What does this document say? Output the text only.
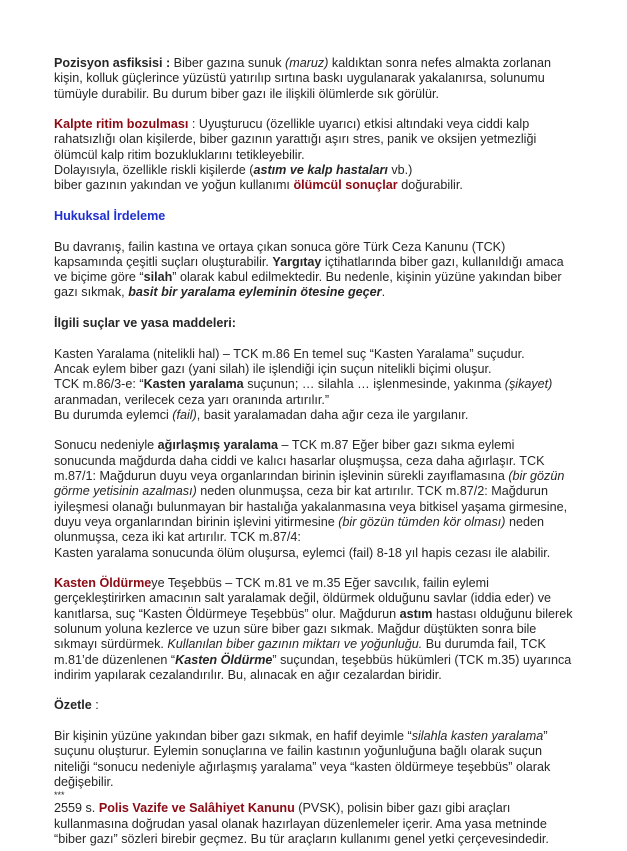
Pozisyon asfiksisi : Biber gazına sunuk (maruz) kaldıktan sonra nefes almakta zorlanan kişin, kolluk güçlerince yüzüstü yatırılıp sırtına baskı uygulanarak yakalanırsa, solunumu tümüyle durabilir. Bu durum biber gazı ile ilişkili ölümlerde sık görülür.

Kalpte ritim bozulması : Uyuşturucu (özellikle uyarıcı) etkisi altındaki veya ciddi kalp rahatsızlığı olan kişilerde, biber gazının yarattığı aşırı stres, panik ve oksijen yetmezliği ölümcül kalp ritim bozukluklarını tetikleyebilir.
Dolayısıyla, özellikle riskli kişilerde (astım ve kalp hastaları vb.)
biber gazının yakından ve yoğun kullanımı ölümcül sonuçlar doğurabilir.

Hukuksal İrdeleme

Bu davranış, failin kastına ve ortaya çıkan sonuca göre Türk Ceza Kanunu (TCK) kapsamında çeşitli suçları oluşturabilir. Yargıtay içtihatlarında biber gazı, kullanıldığı amaca ve biçime göre “silah” olarak kabul edilmektedir. Bu nedenle, kişinin yüzüne yakından biber gazı sıkmak, basit bir yaralama eyleminin ötesine geçer.

İlgili suçlar ve yasa maddeleri:

Kasten Yaralama (nitelikli hal) – TCK m.86 En temel suç “Kasten Yaralama” suçudur.
Ancak eylem biber gazı (yani silah) ile işlendiği için suçun nitelikli biçimi oluşur.
TCK m.86/3-e: “Kasten yaralama suçunun; … silahla … işlenmesinde, yakınma (şikayet) aranmadan, verilecek ceza yarı oranında artırılır.”
Bu durumda eylemci (fail), basit yaralamadan daha ağır ceza ile yargılanır.

Sonucu nedeniyle ağırlaşmış yaralama – TCK m.87 Eğer biber gazı sıkma eylemi sonucunda mağdurda daha ciddi ve kalıcı hasarlar oluşmuşsa, ceza daha ağırlaşır. TCK m.87/1: Mağdurun duyu veya organlarından birinin işlevinin sürekli zayıflamasına (bir gözün görme yetisinin azalması) neden olunmuşsa, ceza bir kat artırılır. TCK m.87/2: Mağdurun iyileşmesi olanağı bulunmayan bir hastalığa yakalanmasına veya bitkisel yaşama girmesine, duyu veya organlarından birinin işlevini yitirmesine (bir gözün tümden kör olması) neden olunmuşsa, ceza iki kat artırılır. TCK m.87/4:
Kasten yaralama sonucunda ölüm oluşursa, eylemci (fail) 8-18 yıl hapis cezası ile alabilir.

Kasten Öldürmeye Teşebbüs – TCK m.81 ve m.35 Eğer savcılık, failin eylemi gerçekleştirirken amacının salt yaralamak değil, öldürmek olduğunu savlar (iddia eder) ve kanıtlarsa, suç “Kasten Öldürmeye Teşebbüs” olur. Mağdurun astım hastası olduğunu bilerek solunum yoluna kezlerce ve uzun süre biber gazı sıkmak. Mağdur düştükten sonra bile sıkmayı sürdürmek. Kullanılan biber gazının miktarı ve yoğunluğu. Bu durumda fail, TCK m.81’de düzenlenen “Kasten Öldürme” suçundan, teşebbüs hükümleri (TCK m.35) uyarınca indirim yapılarak cezalandırılır. Bu, alınacak en ağır cezalardan biridir.

Özetle :

Bir kişinin yüzüne yakından biber gazı sıkmak, en hafif deyimle “silahla kasten yaralama” suçunu oluşturur. Eylemin sonuçlarına ve failin kastının yoğunluğuna bağlı olarak suçun niteliği “sonucu nedeniyle ağırlaşmış yaralama” veya “kasten öldürmeye teşebbüs” olarak değişebilir.

***

2559 s. Polis Vazife ve Salâhiyet Kanunu (PVSK), polisin biber gazı gibi araçları kullanmasına doğrudan yasal olanak hazırlayan düzenlemeler içerir. Ama yasa metninde “biber gazı” sözleri birebir geçmez. Bu tür araçların kullanımı genel yetki çerçevesindedir.
